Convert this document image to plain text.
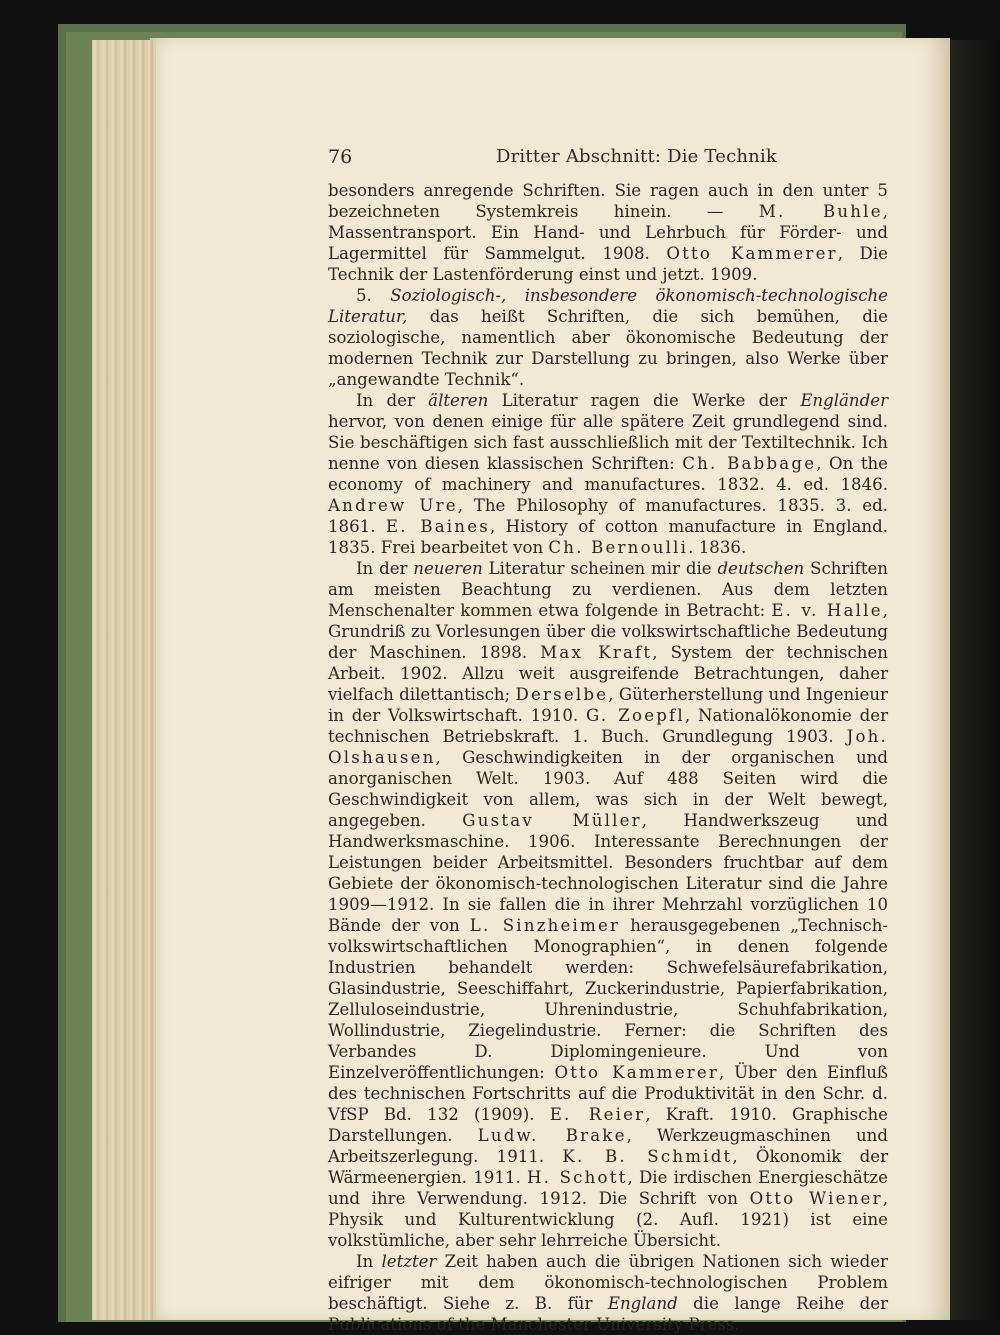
76	Dritter Abschnitt: Die Technik

besonders anregende Schriften. Sie ragen auch in den unter 5 bezeichneten Systemkreis hinein. — M. Buhle, Massentransport. Ein Hand- und Lehrbuch für Förder- und Lagermittel für Sammelgut. 1908. Otto Kammerer, Die Technik der Lastenförderung einst und jetzt. 1909.

5. Soziologisch-, insbesondere ökonomisch-technologische Literatur, das heißt Schriften, die sich bemühen, die soziologische, namentlich aber ökonomische Bedeutung der modernen Technik zur Darstellung zu bringen, also Werke über „angewandte Technik“.

In der älteren Literatur ragen die Werke der Engländer hervor, von denen einige für alle spätere Zeit grundlegend sind. Sie beschäftigen sich fast ausschließlich mit der Textiltechnik. Ich nenne von diesen klassischen Schriften: Ch. Babbage, On the economy of machinery and manufactures. 1832. 4. ed. 1846. Andrew Ure, The Philosophy of manufactures. 1835. 3. ed. 1861. E. Baines, History of cotton manufacture in England. 1835. Frei bearbeitet von Ch. Bernoulli. 1836.

In der neueren Literatur scheinen mir die deutschen Schriften am meisten Beachtung zu verdienen. Aus dem letzten Menschenalter kommen etwa folgende in Betracht: E. v. Halle, Grundriß zu Vorlesungen über die volkswirtschaftliche Bedeutung der Maschinen. 1898. Max Kraft, System der technischen Arbeit. 1902. Allzu weit ausgreifende Betrachtungen, daher vielfach dilettantisch; Derselbe, Güterherstellung und Ingenieur in der Volkswirtschaft. 1910. G. Zoepfl, Nationalökonomie der technischen Betriebskraft. 1. Buch. Grundlegung 1903. Joh. Olshausen, Geschwindigkeiten in der organischen und anorganischen Welt. 1903. Auf 488 Seiten wird die Geschwindigkeit von allem, was sich in der Welt bewegt, angegeben. Gustav Müller, Handwerkszeug und Handwerksmaschine. 1906. Interessante Berechnungen der Leistungen beider Arbeitsmittel. Besonders fruchtbar auf dem Gebiete der ökonomisch-technologischen Literatur sind die Jahre 1909—1912. In sie fallen die in ihrer Mehrzahl vorzüglichen 10 Bände der von L. Sinzheimer herausgegebenen „Technisch-volkswirtschaftlichen Monographien“, in denen folgende Industrien behandelt werden: Schwefelsäurefabrikation, Glasindustrie, Seeschiffahrt, Zuckerindustrie, Papierfabrikation, Zelluloseindustrie, Uhrenindustrie, Schuhfabrikation, Wollindustrie, Ziegelindustrie. Ferner: die Schriften des Verbandes D. Diplomingenieure. Und von Einzelveröffentlichungen: Otto Kammerer, Über den Einfluß des technischen Fortschritts auf die Produktivität in den Schr. d. VfSP Bd. 132 (1909). E. Reier, Kraft. 1910. Graphische Darstellungen. Ludw. Brake, Werkzeugmaschinen und Arbeitszerlegung. 1911. K. B. Schmidt, Ökonomik der Wärmeenergien. 1911. H. Schott, Die irdischen Energieschätze und ihre Verwendung. 1912. Die Schrift von Otto Wiener, Physik und Kulturentwicklung (2. Aufl. 1921) ist eine volkstümliche, aber sehr lehrreiche Übersicht.

In letzter Zeit haben auch die übrigen Nationen sich wieder eifriger mit dem ökonomisch-technologischen Problem beschäftigt. Siehe z. B. für England die lange Reihe der Publications of the Manchester University Press.
